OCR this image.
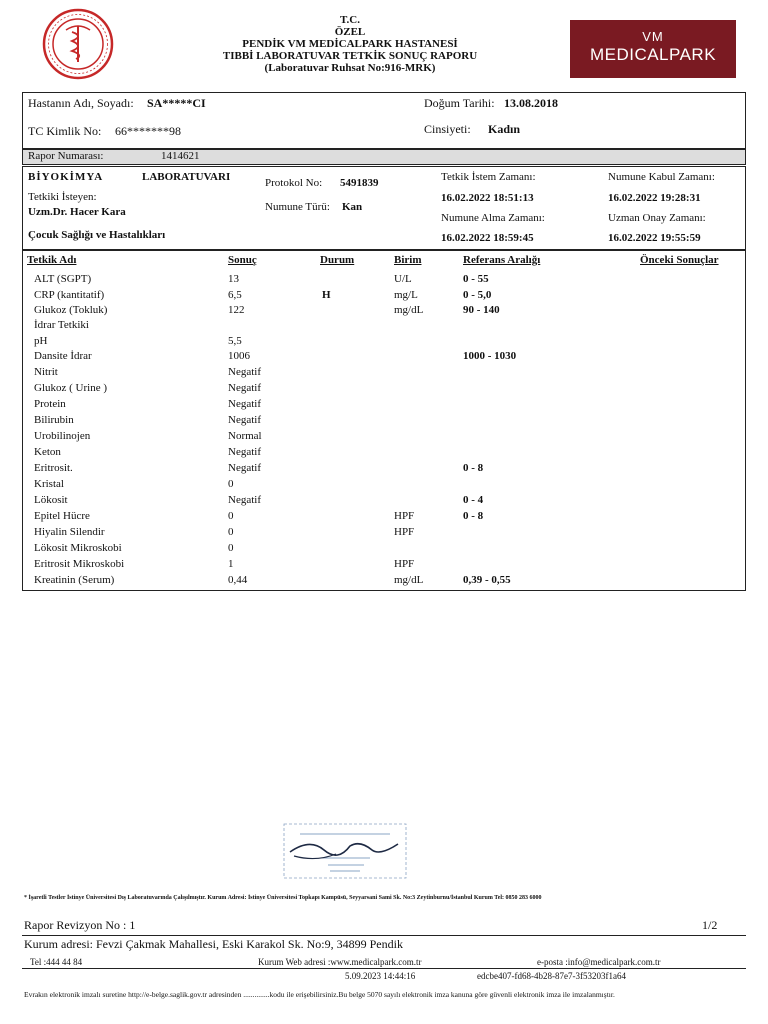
T.C.
ÖZEL
PENDİK VM MEDİCALPARK HASTANESİ
TIBBİ LABORATUVAR TETKİK SONUÇ RAPORU
(Laboratuvar Ruhsat No:916-MRK)
VM
MEDICALPARK
Hastanın Adı, Soyadı: SA*****CI	Doğum Tarihi: 13.08.2018
TC Kimlik No: 66*******98	Cinsiyeti: Kadın
Rapor Numarası:	1414621
BİYOKİMYA	LABORATUVARI
Tetkiki İsteyen:
Uzm.Dr. Hacer Kara
Çocuk Sağlığı ve Hastalıkları
Protokol No: 5491839
Numune Türü: Kan
Tetkik İstem Zamanı:
16.02.2022 18:51:13
Numune Alma Zamanı:
16.02.2022 18:59:45
Numune Kabul Zamanı:
16.02.2022 19:28:31
Uzman Onay Zamanı:
16.02.2022 19:55:59
Tetkik Adı	Sonuç	Durum	Birim	Referans Aralığı	Önceki Sonuçlar
ALT (SGPT)	13	U/L	0 - 55
CRP (kantitatif)	6,5	H	mg/L	0 - 5,0
Glukoz (Tokluk)	122	mg/dL	90 - 140
İdrar Tetkiki
pH	5,5
Dansite İdrar	1006	1000 - 1030
Nitrit	Negatif
Glukoz ( Urine )	Negatif
Protein	Negatif
Bilirubin	Negatif
Urobilinojen	Normal
Keton	Negatif
Eritrosit.	Negatif	0 - 8
Kristal	0
Lökosit	Negatif	0 - 4
Epitel Hücre	0	HPF	0 - 8
Hiyalin Silendir	0	HPF
Lökosit Mikroskobi	0
Eritrosit Mikroskobi	1	HPF
Kreatinin (Serum)	0,44	mg/dL	0,39 - 0,55
* İşaretli Testler İstinye Üniversitesi Dış Laboratuvarında Çalışılmıştır. Kurum Adresi: İstinye Üniversitesi Topkapı Kampüsü, Seyyarsani Sami Sk. No:3 Zeytinburnu/İstanbul Kurum Tel: 0850 283 6000
Rapor Revizyon No : 1	1/2
Kurum adresi: Fevzi Çakmak Mahallesi, Eski Karakol Sk. No:9, 34899 Pendik
Tel :444 44 84	Kurum Web adresi :www.medicalpark.com.tr	e-posta :info@medicalpark.com.tr
5.09.2023 14:44:16	edcbe407-fd68-4b28-87e7-3f53203f1a64
Evrakın elektronik imzalı suretine http://e-belge.saglik.gov.tr adresinden ..............kodu ile erişebilirsiniz.Bu belge 5070 sayılı elektronik imza kanuna göre güvenli elektronik imza ile imzalanmıştır.
